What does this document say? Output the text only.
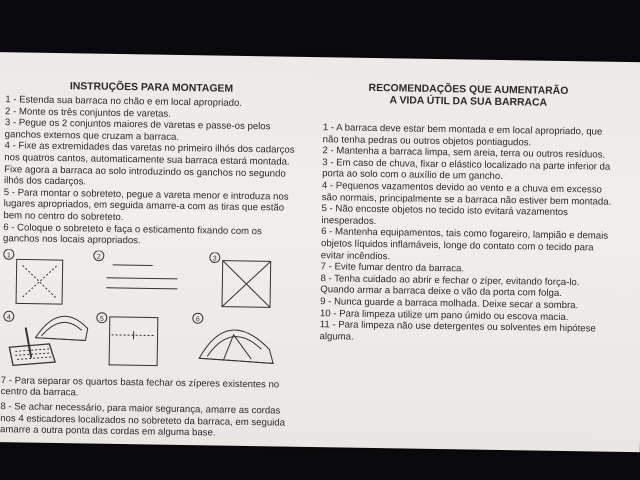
INSTRUÇÕES PARA MONTAGEM
1 - Estenda sua barraca no chão e em local apropriado.
2 - Monte os três conjuntos de varetas.
3 - Pegue os 2 conjuntos maiores de varetas e passe-os pelos ganchos externos que cruzam a barraca.
4 - Fixe as extremidades das varetas no primeiro ilhós dos cadarços nos quatros cantos, automaticamente sua barraca estará montada. Fixe agora a barraca ao solo introduzindo os ganchos no segundo ilhós dos cadarços.
5 - Para montar o sobreteto, pegue a vareta menor e introduza nos lugares apropriados, em seguida amarre-a com as tiras que estão bem no centro do sobreteto.
6 - Coloque o sobreteto e faça o esticamento fixando com os ganchos nos locais apropriados.
1	2	3
4	5	6
7 - Para separar os quartos basta fechar os zíperes existentes no centro da barraca.
8 - Se achar necessário, para maior segurança, amarre as cordas nos 4 esticadores localizados no sobreteto da barraca, em seguida amarre a outra ponta das cordas em alguma base.
RECOMENDAÇÕES QUE AUMENTARÃO
A VIDA ÚTIL DA SUA BARRACA
1 - A barraca deve estar bem montada e em local apropriado, que não tenha pedras ou outros objetos pontiagudos.
2 - Mantenha a barraca limpa, sem areia, terra ou outros resíduos.
3 - Em caso de chuva, fixar o elástico localizado na parte inferior da porta ao solo com o auxílio de um gancho.
4 - Pequenos vazamentos devido ao vento e a chuva em excesso são normais, principalmente se a barraca não estiver bem montada.
5 - Não encoste objetos no tecido isto evitará vazamentos inesperados.
6 - Mantenha equipamentos, tais como fogareiro, lampião e demais objetos líquidos inflamáveis, longe do contato com o tecido para evitar incêndios.
7 - Evite fumar dentro da barraca.
8 - Tenha cuidado ao abrir e fechar o zíper, evitando força-lo. Quando armar a barraca deixe o vão da porta com folga.
9 - Nunca guarde a barraca molhada. Deixe secar a sombra.
10 - Para limpeza utilize um pano úmido ou escova macia.
11 - Para limpeza não use detergentes ou solventes em hipótese alguma.
